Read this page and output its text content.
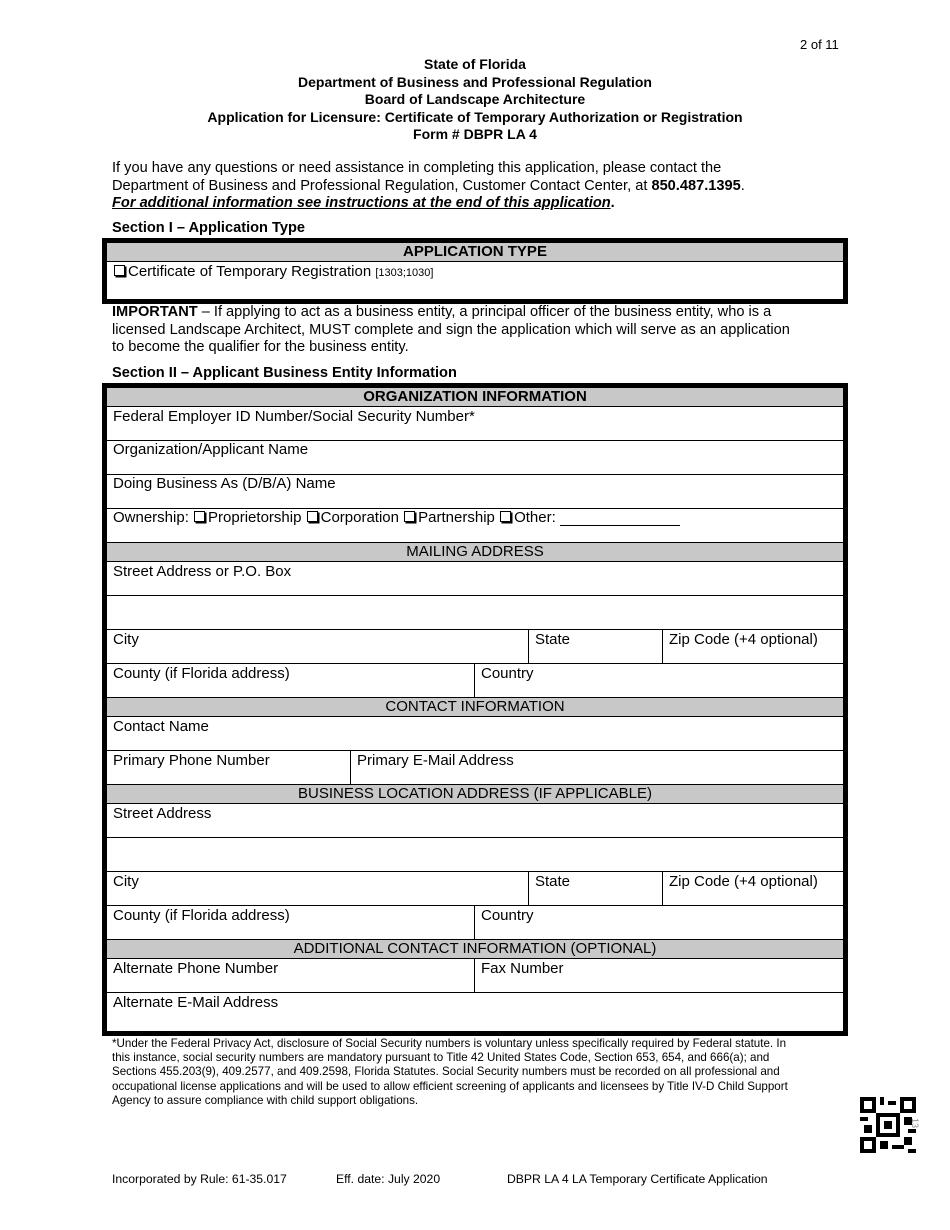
2 of 11
State of Florida
Department of Business and Professional Regulation
Board of Landscape Architecture
Application for Licensure: Certificate of Temporary Authorization or Registration
Form # DBPR LA 4
If you have any questions or need assistance in completing this application, please contact the
Department of Business and Professional Regulation, Customer Contact Center, at 850.487.1395.
For additional information see instructions at the end of this application.
Section I – Application Type
APPLICATION TYPE
Certificate of Temporary Registration [1303;1030]
IMPORTANT – If applying to act as a business entity, a principal officer of the business entity, who is a
licensed Landscape Architect, MUST complete and sign the application which will serve as an application
to become the qualifier for the business entity.
Section II – Applicant Business Entity Information
ORGANIZATION INFORMATION
Federal Employer ID Number/Social Security Number*
Organization/Applicant Name
Doing Business As (D/B/A) Name
Ownership: Proprietorship Corporation Partnership Other:
MAILING ADDRESS
Street Address or P.O. Box
City	State	Zip Code (+4 optional)
County (if Florida address)	Country
CONTACT INFORMATION
Contact Name
Primary Phone Number	Primary E-Mail Address
BUSINESS LOCATION ADDRESS (IF APPLICABLE)
Street Address
City	State	Zip Code (+4 optional)
County (if Florida address)	Country
ADDITIONAL CONTACT INFORMATION (OPTIONAL)
Alternate Phone Number	Fax Number
Alternate E-Mail Address
*Under the Federal Privacy Act, disclosure of Social Security numbers is voluntary unless specifically required by Federal statute. In
this instance, social security numbers are mandatory pursuant to Title 42 United States Code, Section 653, 654, and 666(a); and
Sections 455.203(9), 409.2577, and 409.2598, Florida Statutes. Social Security numbers must be recorded on all professional and
occupational license applications and will be used to allow efficient screening of applicants and licensees by Title IV-D Child Support
Agency to assure compliance with child support obligations.
13
Incorporated by Rule: 61-35.017	Eff. date: July 2020	DBPR LA 4 LA Temporary Certificate Application
